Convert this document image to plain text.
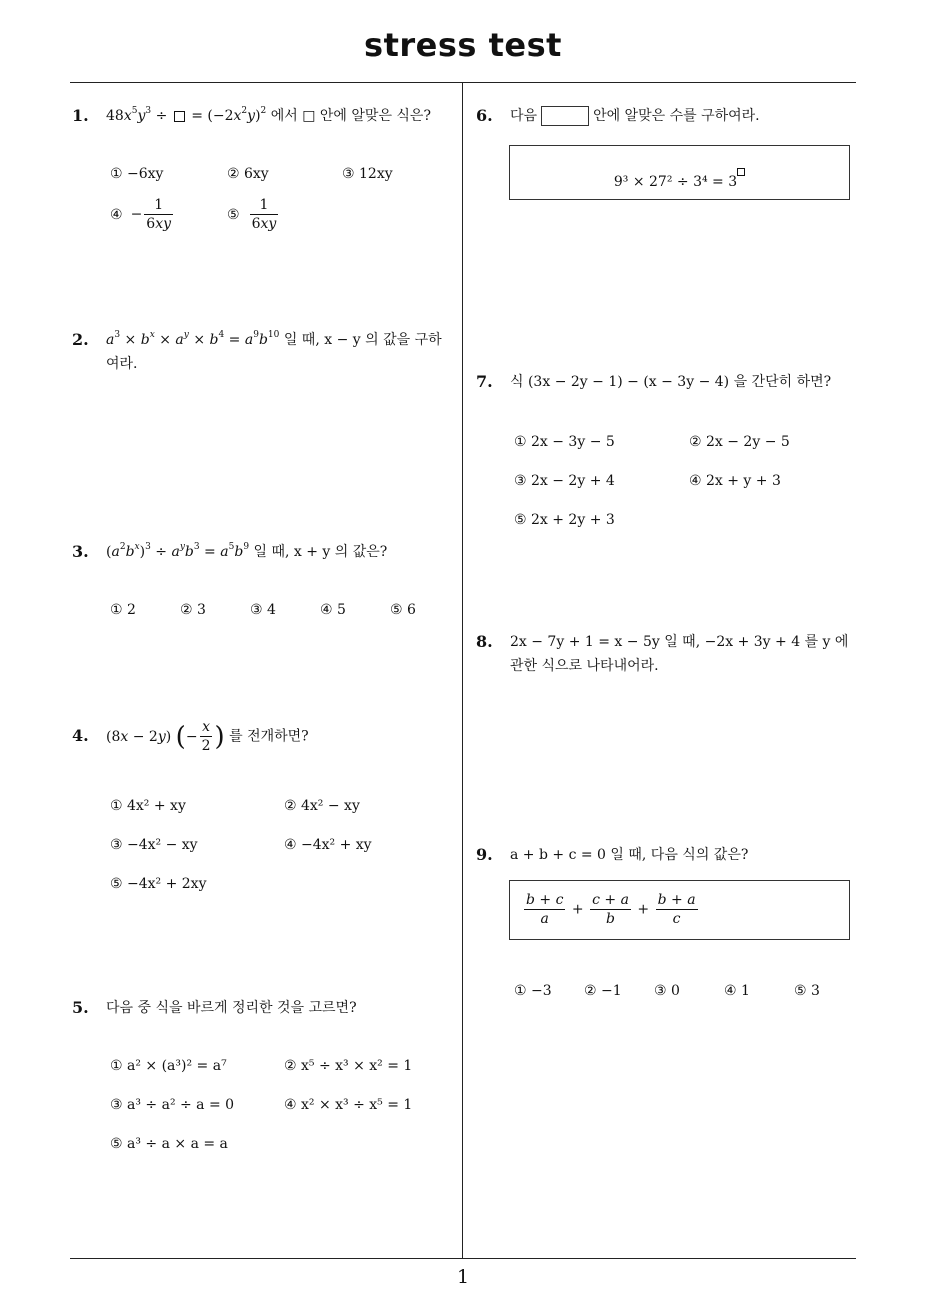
stress test
1
1. $48x^5y^3$ ÷  = $(-2x^2y)^2$ 에서 □ 안에 알맞은 식은?
① −6xy	② 6xy	③ 12xy
④ − $\frac{1}{6xy}$	⑤ $\frac{1}{6xy}$
2. $a^3 \times b^x \times a^y \times b^4 = a^9b^{10}$ 일 때, x − y 의 값을 구하
여라.
3. $(a^2b^x)^3 \div a^yb^3 = a^5b^9$ 일 때, x + y 의 값은?
① 2	② 3	③ 4	④ 5	⑤ 6
4. (8x − 2y) (− $\frac{x}{2}$ ) 를 전개하면?
① 4x² + xy	② 4x² − xy
③ −4x² − xy	④ −4x² + xy
⑤ −4x² + 2xy
5. 다음 중 식을 바르게 정리한 것을 고르면?
① a² × (a³)² = a⁷	② x⁵ ÷ x³ × x² = 1
③ a³ ÷ a² ÷ a = 0	④ x² × x³ ÷ x⁵ = 1
⑤ a³ ÷ a × a = a
6. 다음	안에 알맞은 수를 구하여라.
9³ × 27² ÷ 3⁴ = 3
7. 식 (3x − 2y − 1) − (x − 3y − 4) 을 간단히 하면?
① 2x − 3y − 5	② 2x − 2y − 5
③ 2x − 2y + 4	④ 2x + y + 3
⑤ 2x + 2y + 3
8. 2x − 7y + 1 = x − 5y 일 때, −2x + 3y + 4 를 y 에
관한 식으로 나타내어라.
9. a + b + c = 0 일 때, 다음 식의 값은?
① −3 ② −1 ③ 0	④ 1	⑤ 3
$\frac{b + c}{a} + \frac{c + a}{b} + \frac{b + a}{c}$
